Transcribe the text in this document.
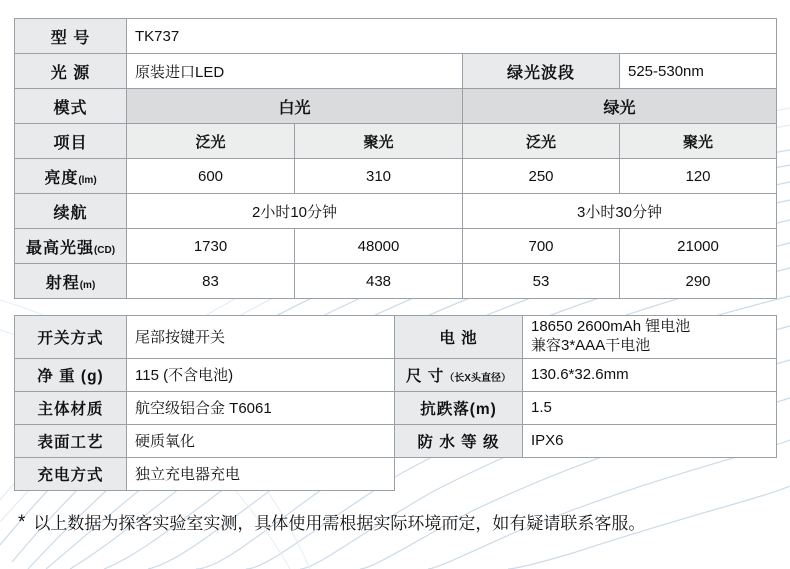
型 号	TK737			
光 源	原装进口LED		绿光波段	525-530nm
模式	白光		绿光	
项目	泛光	聚光	泛光	聚光
亮度(lm)	600	310	250	120
续航	2小时10分钟		3小时30分钟	
最高光强(CD)	1730	48000	700	21000
射程(m)	83	438	53	290
开关方式	尾部按键开关	电 池	18650 2600mAh 锂电池
兼容3*AAA干电池

净 重 (g)	115 (不含电池)	尺 寸（长X头直径）	130.6*32.6mm
主体材质	航空级铝合金 T6061	抗跌落(m)	1.5
表面工艺	硬质氧化	防 水 等 级	IPX6
充电方式	独立充电器充电		
* 以上数据为探客实验室实测，具体使用需根据实际环境而定，如有疑请联系客服。
